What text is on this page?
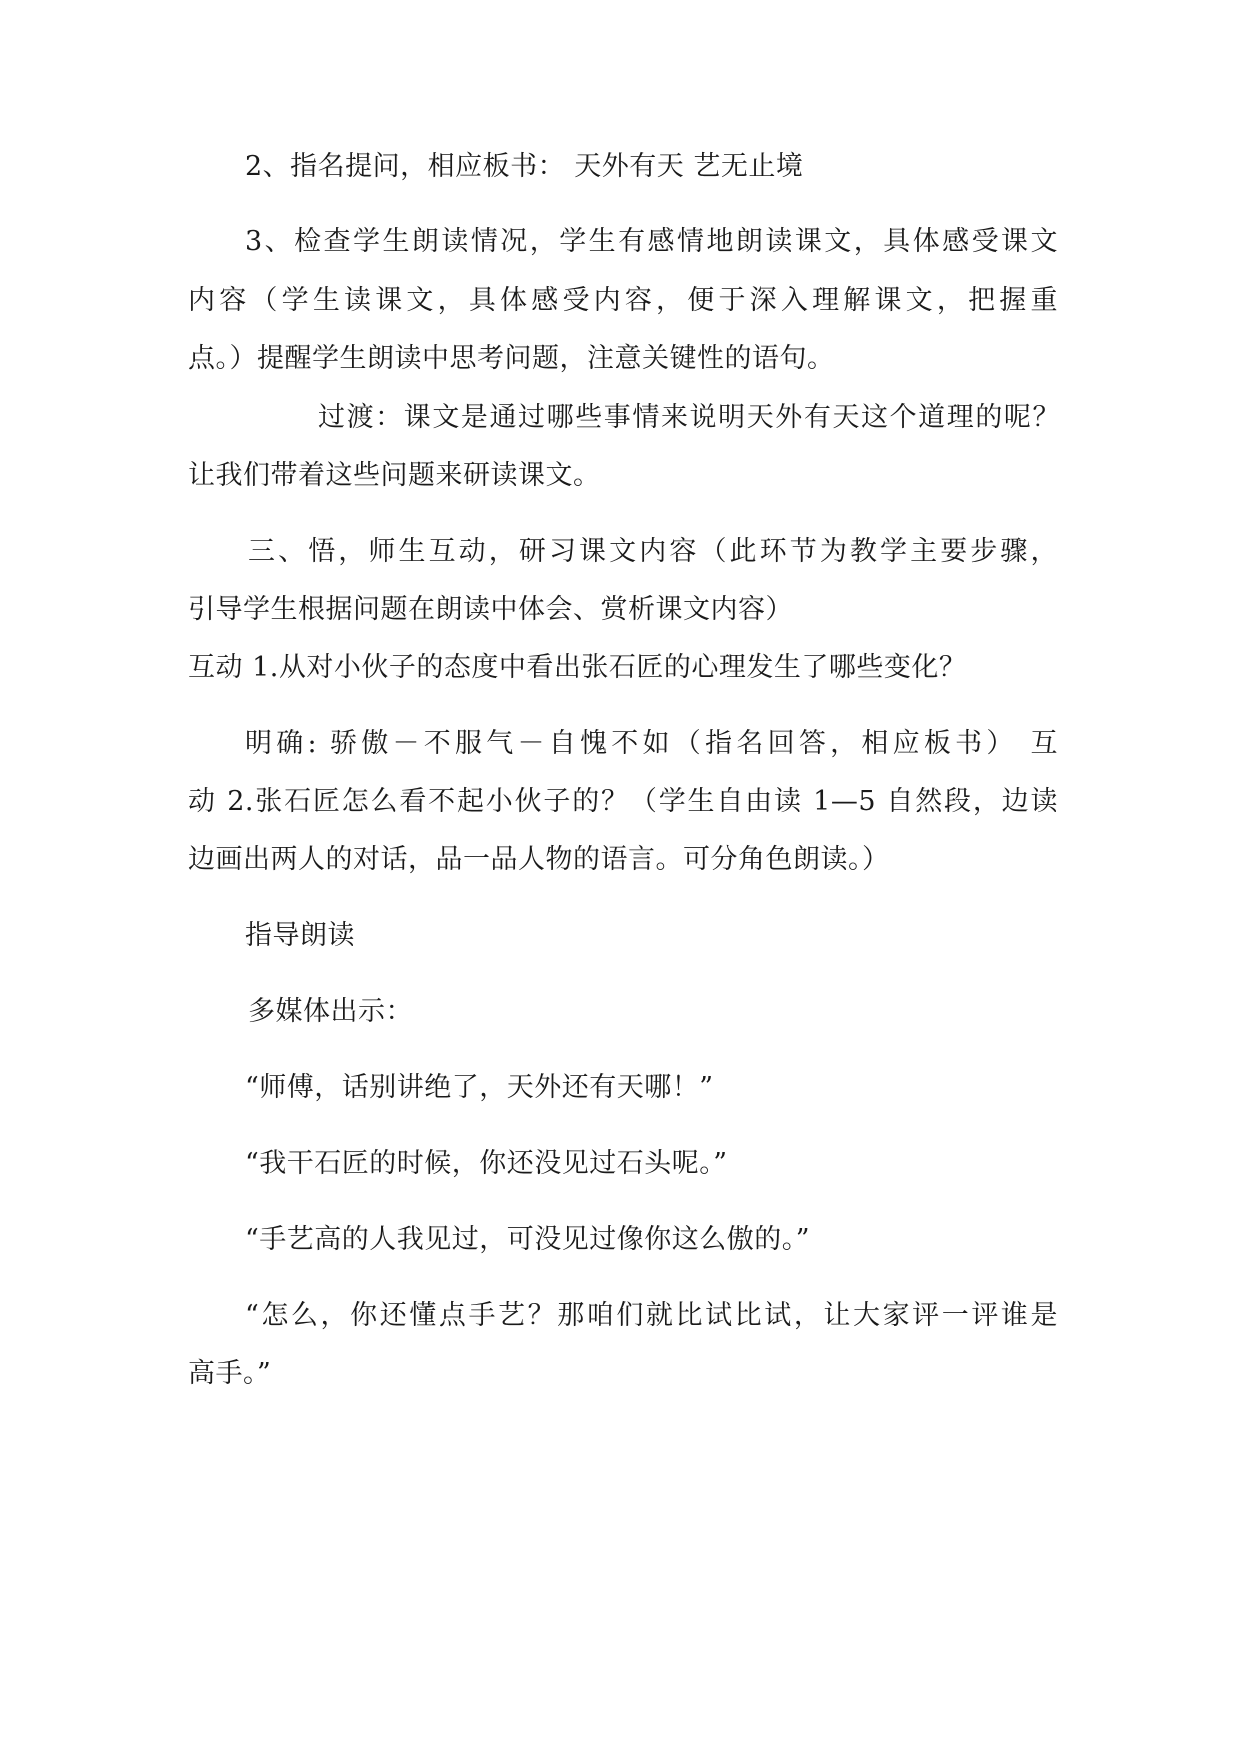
2、指名提问，相应板书： 天外有天 艺无止境
3、检查学生朗读情况，学生有感情地朗读课文，具体感受课文
内容（学生读课文，具体感受内容，便于深入理解课文，把握重
点。）提醒学生朗读中思考问题，注意关键性的语句。
过渡：课文是通过哪些事情来说明天外有天这个道理的呢？
让我们带着这些问题来研读课文。
三、悟，师生互动，研习课文内容（此环节为教学主要步骤，
引导学生根据问题在朗读中体会、赏析课文内容）
互动 1.从对小伙子的态度中看出张石匠的心理发生了哪些变化？
明确: 骄傲－不服气－自愧不如（指名回答，相应板书） 互
动 2.张石匠怎么看不起小伙子的？（学生自由读 1—5 自然段，边读
边画出两人的对话，品一品人物的语言。可分角色朗读。）
指导朗读
多媒体出示：
“师傅，话别讲绝了，天外还有天哪！”
“我干石匠的时候，你还没见过石头呢。”
“手艺高的人我见过，可没见过像你这么傲的。”
“怎么，你还懂点手艺？那咱们就比试比试，让大家评一评谁是
高手。”
